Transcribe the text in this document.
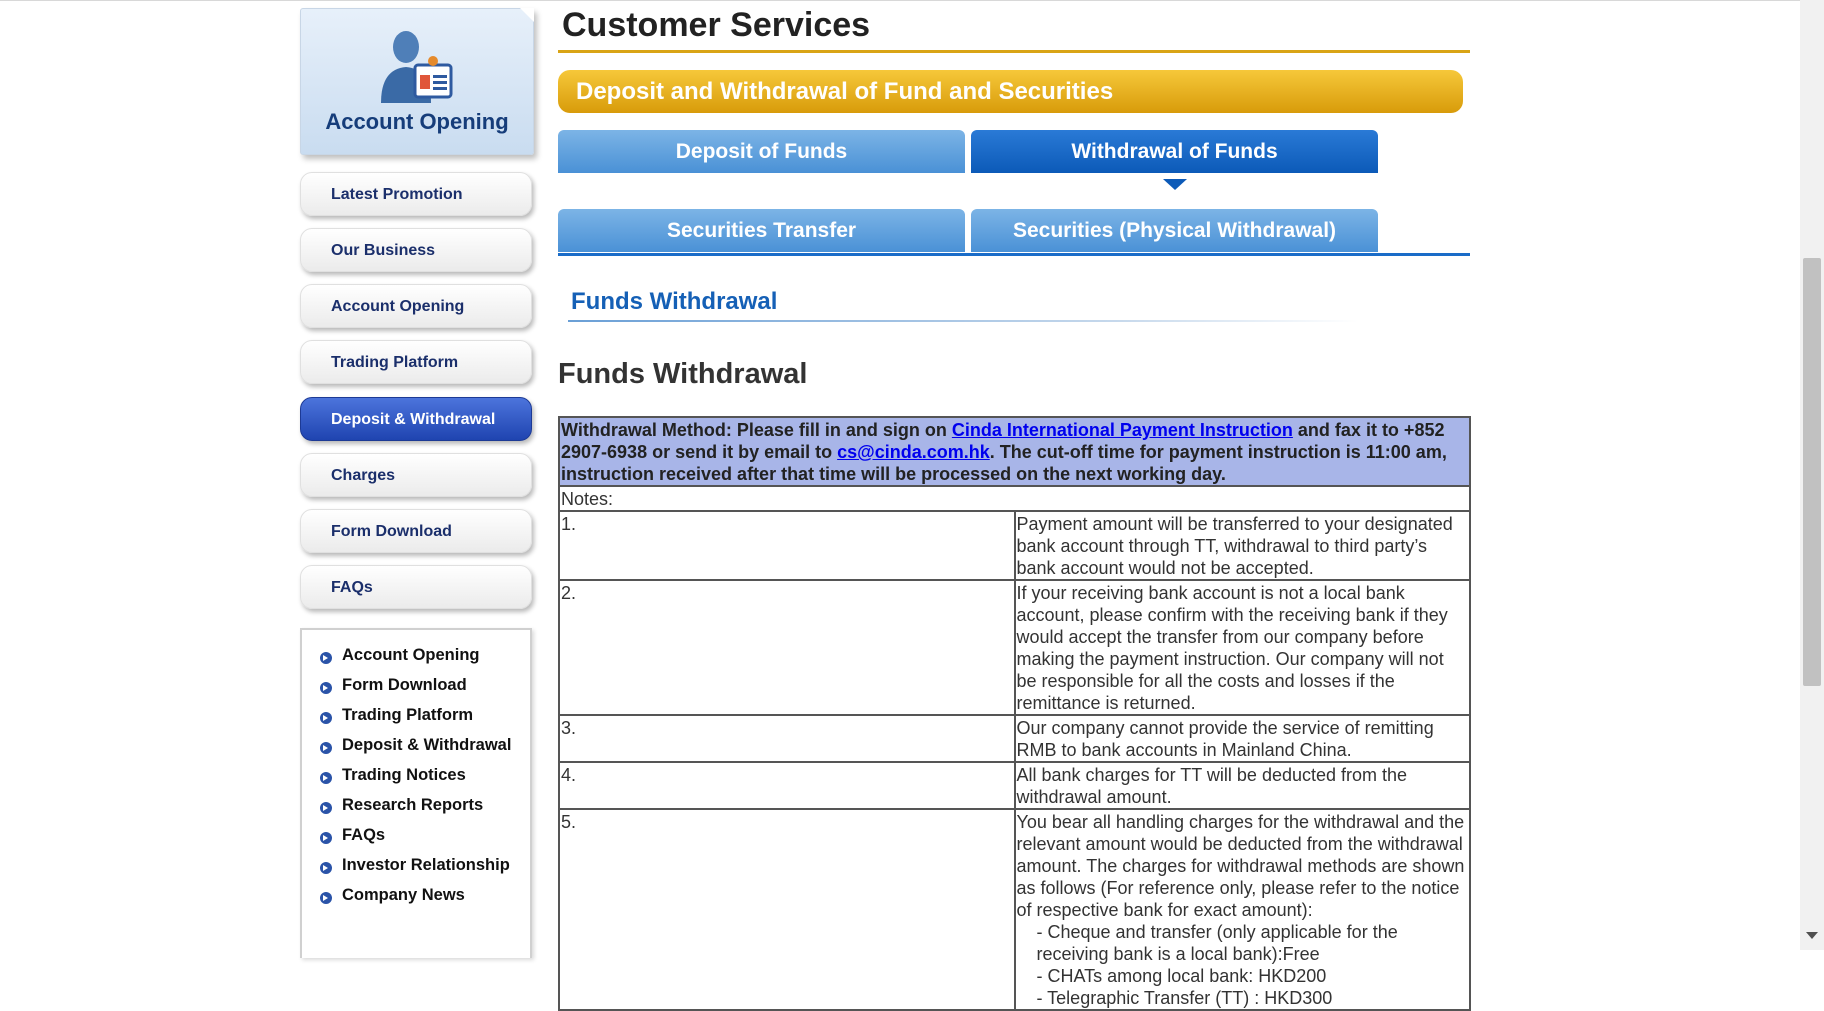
Account Opening
Latest Promotion
Our Business
Account Opening
Trading Platform
Deposit & Withdrawal
Charges
Form Download
FAQs
Account Opening
Form Download
Trading Platform
Deposit & Withdrawal
Trading Notices
Research Reports
FAQs
Investor Relationship
Company News
Customer Services
Deposit and Withdrawal of Fund and Securities
Deposit of Funds	Withdrawal of Funds
Securities Transfer	Securities (Physical Withdrawal)
Funds Withdrawal
Funds Withdrawal
Withdrawal Method: Please fill in and sign on Cinda International Payment Instruction and fax it to +852 2907-6938 or send it by email to cs@cinda.com.hk. The cut-off time for payment instruction is 11:00 am, instruction received after that time will be processed on the next working day.	
Notes:	
1.	Payment amount will be transferred to your designated bank account through TT, withdrawal to third party’s bank account would not be accepted.
2.	If your receiving bank account is not a local bank account, please confirm with the receiving bank if they would accept the transfer from our company before making the payment instruction. Our company will not be responsible for all the costs and losses if the remittance is returned.
3.	Our company cannot provide the service of remitting RMB to bank accounts in Mainland China.
4.	All bank charges for TT will be deducted from the withdrawal amount.
5.	You bear all handling charges for the withdrawal and the relevant amount would be deducted from the withdrawal amount. The charges for withdrawal methods are shown as follows (For reference only, please refer to the notice of respective bank for exact amount):
- Cheque and transfer (only applicable for the receiving bank is a local bank):Free
- CHATs among local bank: HKD200
- Telegraphic Transfer (TT) : HKD300
